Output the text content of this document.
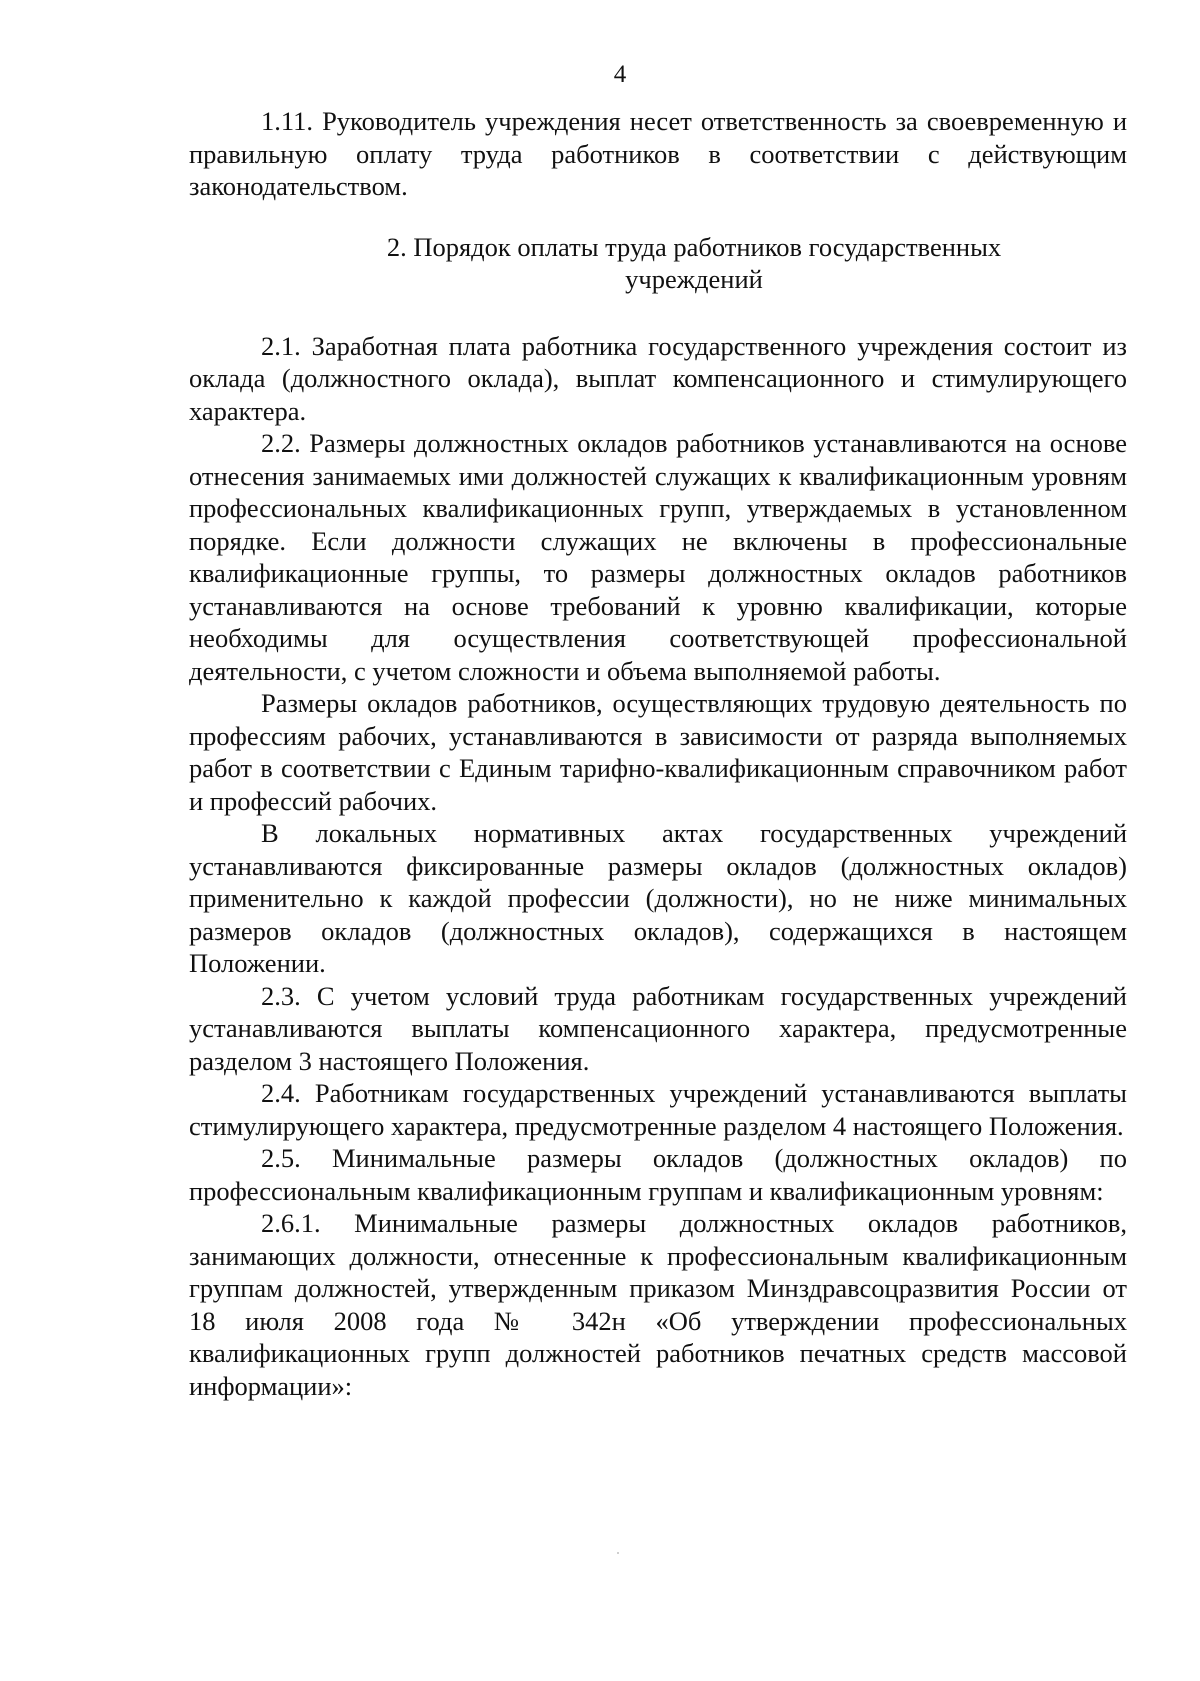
4

1.11. Руководитель учреждения несет ответственность за своевременную и правильную оплату труда работников в соответствии с действующим законодательством.

2. Порядок оплаты труда работников государственных
учреждений

2.1. Заработная плата работника государственного учреждения состоит из оклада (должностного оклада), выплат компенсационного и стимулирующего характера.

2.2. Размеры должностных окладов работников устанавливаются на основе отнесения занимаемых ими должностей служащих к квалификационным уровням профессиональных квалификационных групп, утверждаемых в установленном порядке. Если должности служащих не включены в профессиональные квалификационные группы, то размеры должностных окладов работников устанавливаются на основе требований к уровню квалификации, которые необходимы для осуществления соответствующей профессиональной деятельности, с учетом сложности и объема выполняемой работы.

Размеры окладов работников, осуществляющих трудовую деятельность по профессиям рабочих, устанавливаются в зависимости от разряда выполняемых работ в соответствии с Единым тарифно-квалификационным справочником работ и профессий рабочих.

В локальных нормативных актах государственных учреждений устанавливаются фиксированные размеры окладов (должностных окладов) применительно к каждой профессии (должности), но не ниже минимальных размеров окладов (должностных окладов), содержащихся в настоящем Положении.

2.3. С учетом условий труда работникам государственных учреждений устанавливаются выплаты компенсационного характера, предусмотренные разделом 3 настоящего Положения.

2.4. Работникам государственных учреждений устанавливаются выплаты стимулирующего характера, предусмотренные разделом 4 настоящего Положения.

2.5. Минимальные размеры окладов (должностных окладов) по профессиональным квалификационным группам и квалификационным уровням:

2.6.1. Минимальные размеры должностных окладов работников, занимающих должности, отнесенные к профессиональным квалификационным группам должностей, утвержденным приказом Минздравсоцразвития России от 18 июля 2008 года № 342н «Об утверждении профессиональных квалификационных групп должностей работников печатных средств массовой информации»:
